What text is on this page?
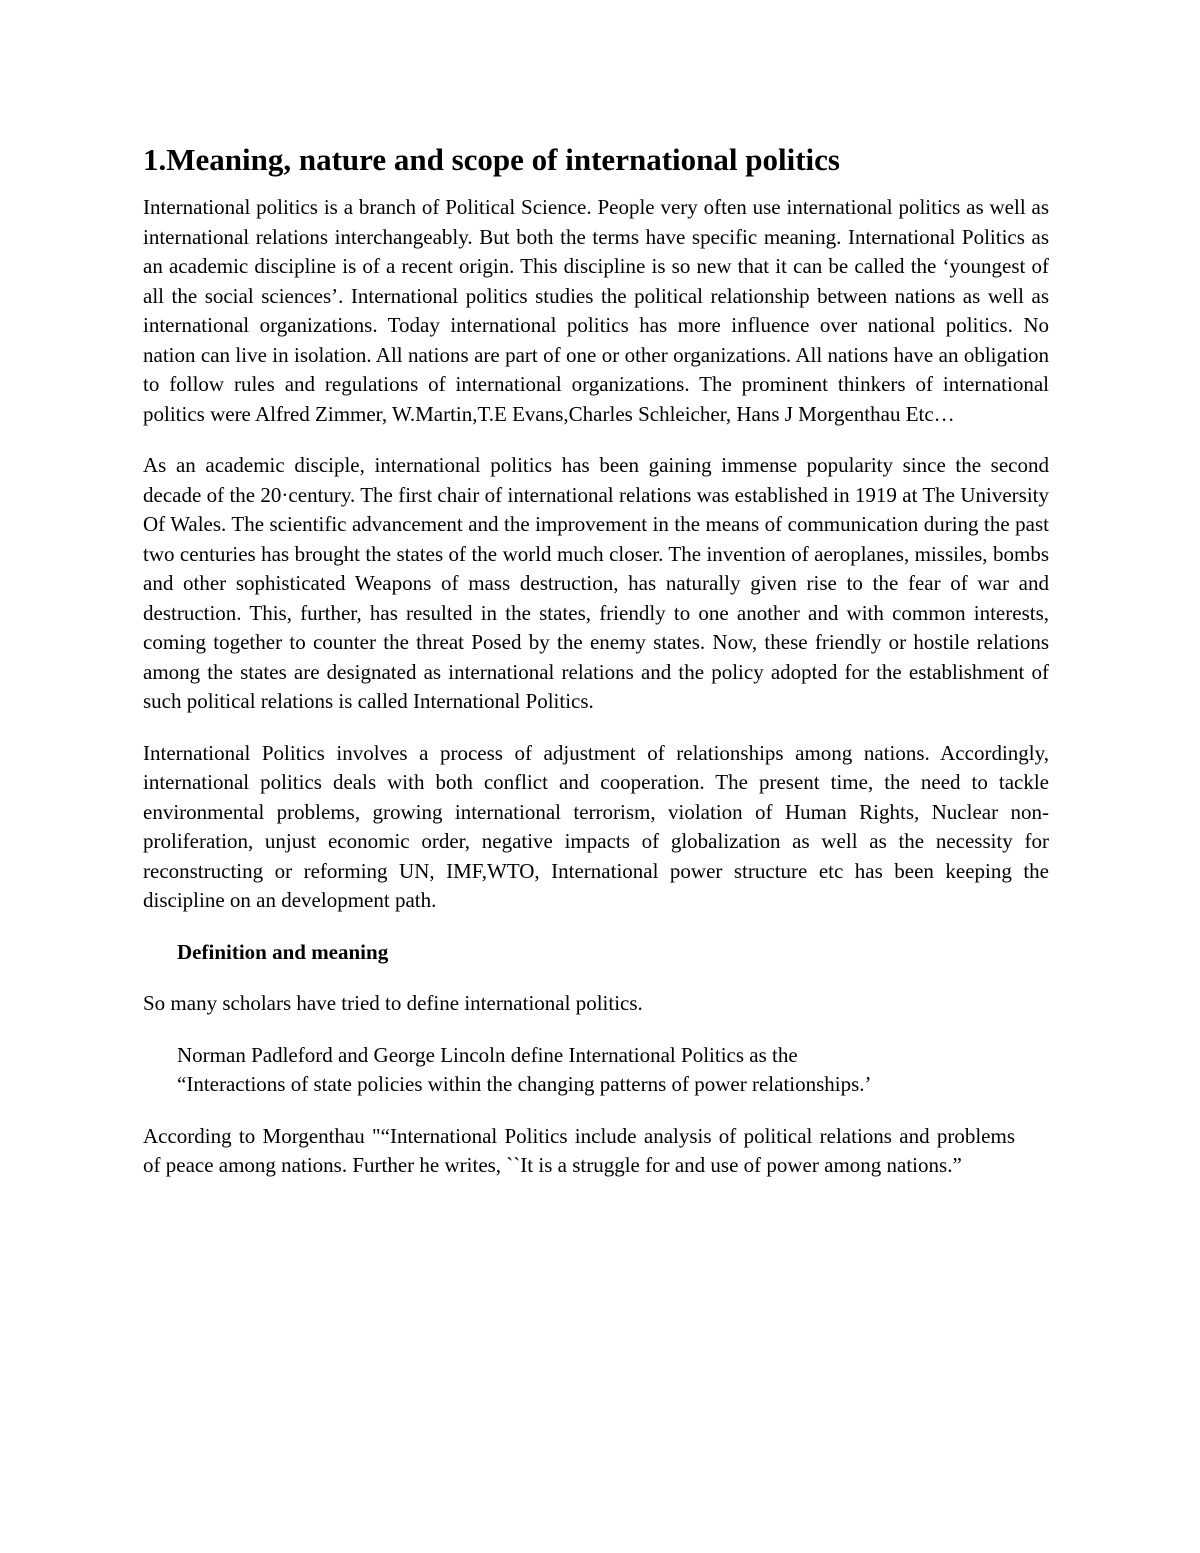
1.Meaning, nature and scope of international politics

International politics is a branch of Political Science. People very often use international politics as well as international relations interchangeably. But both the terms have specific meaning. International Politics as an academic discipline is of a recent origin. This discipline is so new that it can be called the ‘youngest of all the social sciences’. International politics studies the political relationship between nations as well as international organizations. Today international politics has more influence over national politics. No nation can live in isolation. All nations are part of one or other organizations. All nations have an obligation to follow rules and regulations of international organizations. The prominent thinkers of international politics were Alfred Zimmer, W.Martin,T.E Evans,Charles Schleicher, Hans J Morgenthau Etc…

As an academic disciple, international politics has been gaining immense popularity since the second decade of the 20·century. The first chair of international relations was established in 1919 at The University Of Wales. The scientific advancement and the improvement in the means of communication during the past two centuries has brought the states of the world much closer. The invention of aeroplanes, missiles, bombs and other sophisticated Weapons of mass destruction, has naturally given rise to the fear of war and destruction. This, further, has resulted in the states, friendly to one another and with common interests, coming together to counter the threat Posed by the enemy states. Now, these friendly or hostile relations among the states are designated as international relations and the policy adopted for the establishment of such political relations is called International Politics.

International Politics involves a process of adjustment of relationships among nations. Accordingly, international politics deals with both conflict and cooperation. The present time, the need to tackle environmental problems, growing international terrorism, violation of Human Rights, Nuclear non- proliferation, unjust economic order, negative impacts of globalization as well as the necessity for reconstructing or reforming UN, IMF,WTO, International power structure etc has been keeping the discipline on an development path.

Definition and meaning
So many scholars have tried to define international politics.
Norman Padleford and George Lincoln define International Politics as the
“Interactions of state policies within the changing patterns of power relationships.’

According to Morgenthau "“International Politics include analysis of political relations and problems of peace among nations. Further he writes, ``It is a struggle for and use of power among nations.”
